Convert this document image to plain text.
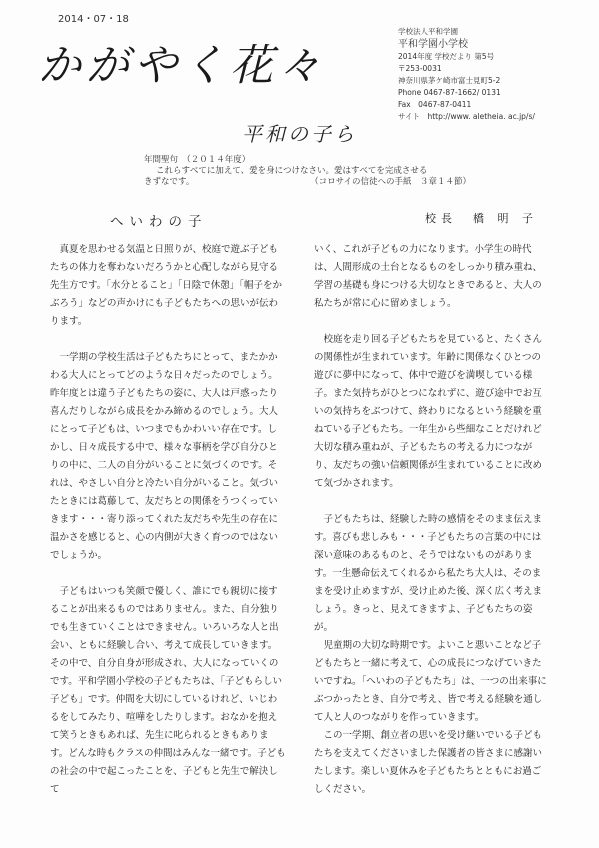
2014・07・18
かがやく花々
平和の子ら
学校法人平和学園
平和学園小学校
2014年度 学校だより 第5号
〒253-0031
神奈川県茅ケ崎市富士見町5-2
Phone 0467-87-1662/ 0131
Fax　0467-87-0411
サイト　http://www. aletheia. ac.jp/s/
年間聖句　（２０１４年度）
これらすべてに加えて、愛を身につけなさい。愛はすべてを完成させる
きずなです。	（コロサイの信徒への手紙　３章１４節）
へいわの子	校長　橋 明 子

真夏を思わせる気温と日照りが、校庭で遊ぶ子どもたちの体力を奪わないだろうかと心配しながら見守る先生方です。「水分とること」「日陰で休憩」「帽子をかぶろう」などの声かけにも子どもたちへの思いが伝わります。

一学期の学校生活は子どもたちにとって、またかかわる大人にとってどのような日々だったのでしょう。昨年度とは違う子どもたちの姿に、大人は戸惑ったり喜んだりしながら成長をかみ締めるのでしょう。大人にとって子どもは、いつまでもかわいい存在です。しかし、日々成長する中で、様々な事柄を学び自分ひとりの中に、二人の自分がいることに気づくのです。それは、やさしい自分と冷たい自分がいること。気づいたときには葛藤して、友だちとの関係をうつくっていきます・・・寄り添ってくれた友だちや先生の存在に温かさを感じると、心の内側が大きく育つのではないでしょうか。

子どもはいつも笑顔で優しく、誰にでも親切に接することが出来るものではありません。また、自分独りでも生きていくことはできません。いろいろな人と出会い、ともに経験し合い、考えて成長していきます。その中で、自分自身が形成され、大人になっていくのです。平和学園小学校の子どもたちは、「子どもらしい子ども」です。仲間を大切にしているけれど、いじわるをしてみたり、喧嘩をしたりします。おなかを抱えて笑うときもあれば、先生に叱られるときもあります。どんな時もクラスの仲間はみんな一緒です。子どもの社会の中で起こったことを、子どもと先生で解決して

いく、これが子どもの力になります。小学生の時代は、人間形成の土台となるものをしっかり積み重ね、学習の基礎も身につける大切なときであると、大人の私たちが常に心に留めましょう。

校庭を走り回る子どもたちを見ていると、たくさんの関係性が生まれています。年齢に関係なくひとつの遊びに夢中になって、体中で遊びを満喫している様子。また気持ちがひとつになれずに、遊び途中でお互いの気持ちをぶつけて、終わりになるという経験を重ねている子どもたち。一年生から些細なことだけれど大切な積み重ねが、子どもたちの考える力につながり、友だちの強い信頼関係が生まれていることに改めて気づかされます。

子どもたちは、経験した時の感情をそのまま伝えます。喜びも悲しみも・・・子どもたちの言葉の中には深い意味のあるものと、そうではないものがあります。一生懸命伝えてくれるから私たち大人は、そのままを受け止めますが、受け止めた後、深く広く考えましょう。きっと、見えてきますよ、子どもたちの姿が。

児童期の大切な時期です。よいこと悪いことなど子どもたちと一緒に考えて、心の成長につなげていきたいですね。「へいわの子どもたち」は、一つの出来事にぶつかったとき、自分で考え、皆で考える経験を通して人と人のつながりを作っていきます。

この一学期、創立者の思いを受け継いでいる子どもたちを支えてくださいました保護者の皆さまに感謝いたします。楽しい夏休みを子どもたちとともにお過ごしください。
